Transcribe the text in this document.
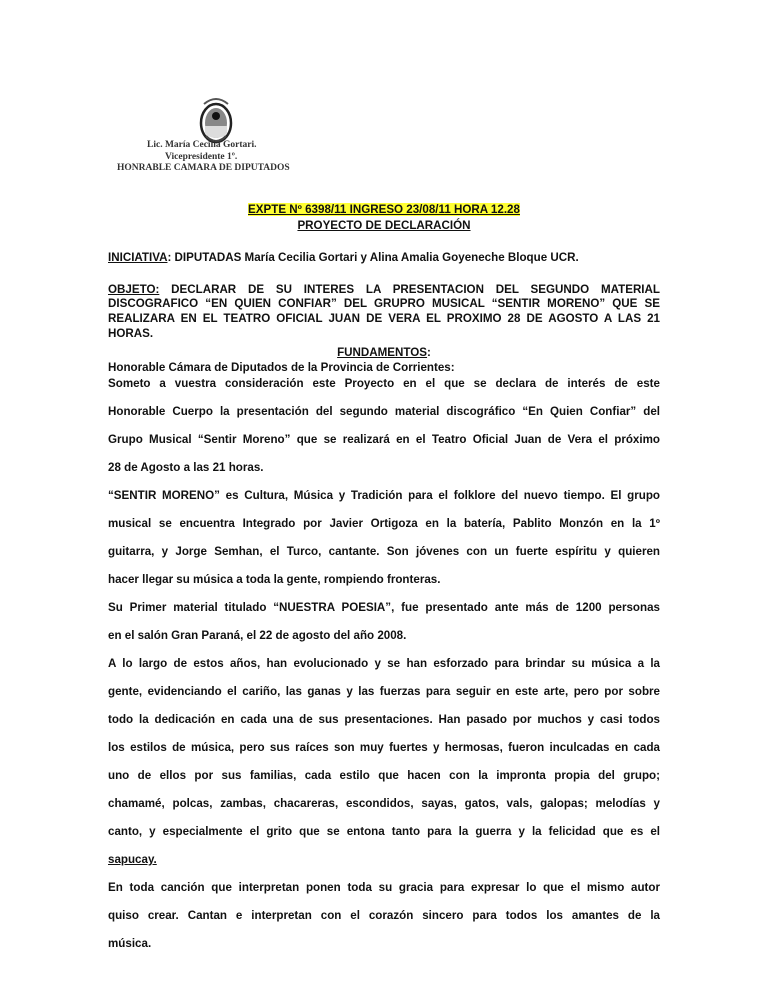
Lic. María Cecilia Gortari.
Vicepresidente 1º.
HONRABLE CAMARA DE DIPUTADOS
EXPTE Nº 6398/11 INGRESO 23/08/11 HORA 12.28
PROYECTO DE DECLARACIÓN
INICIATIVA: DIPUTADAS María Cecilia Gortari y Alina Amalia Goyeneche Bloque UCR.
OBJETO: DECLARAR DE SU INTERES LA PRESENTACION DEL SEGUNDO MATERIAL
DISCOGRAFICO “EN QUIEN CONFIAR” DEL GRUPRO MUSICAL “SENTIR MORENO” QUE SE
REALIZARA EN EL TEATRO OFICIAL JUAN DE VERA EL PROXIMO 28 DE AGOSTO A LAS 21
HORAS.
FUNDAMENTOS:
Honorable Cámara de Diputados de la Provincia de Corrientes:
Someto a vuestra consideración este Proyecto en el que se declara de interés de este
Honorable Cuerpo la presentación del segundo material discográfico “En Quien Confiar” del
Grupo Musical “Sentir Moreno” que se realizará en el Teatro Oficial Juan de Vera el próximo
28 de Agosto a las 21 horas.
“SENTIR MORENO” es Cultura, Música y Tradición para el folklore del nuevo tiempo. El grupo
musical se encuentra Integrado por Javier Ortigoza en la batería, Pablito Monzón en la 1º
guitarra, y Jorge Semhan, el Turco, cantante. Son jóvenes con un fuerte espíritu y quieren
hacer llegar su música a toda la gente, rompiendo fronteras.
Su Primer material titulado “NUESTRA POESIA”, fue presentado ante más de 1200 personas
en el salón Gran Paraná, el 22 de agosto del año 2008.
A lo largo de estos años, han evolucionado y se han esforzado para brindar su música a la
gente, evidenciando el cariño, las ganas y las fuerzas para seguir en este arte, pero por sobre
todo la dedicación en cada una de sus presentaciones. Han pasado por muchos y casi todos
los estilos de música, pero sus raíces son muy fuertes y hermosas, fueron inculcadas en cada
uno de ellos por sus familias, cada estilo que hacen con la impronta propia del grupo;
chamamé, polcas, zambas, chacareras, escondidos, sayas, gatos, vals, galopas; melodías y
canto, y especialmente el grito que se entona tanto para la guerra y la felicidad que es el
sapucay.
En toda canción que interpretan ponen toda su gracia para expresar lo que el mismo autor
quiso crear. Cantan e interpretan con el corazón sincero para todos los amantes de la
música.
